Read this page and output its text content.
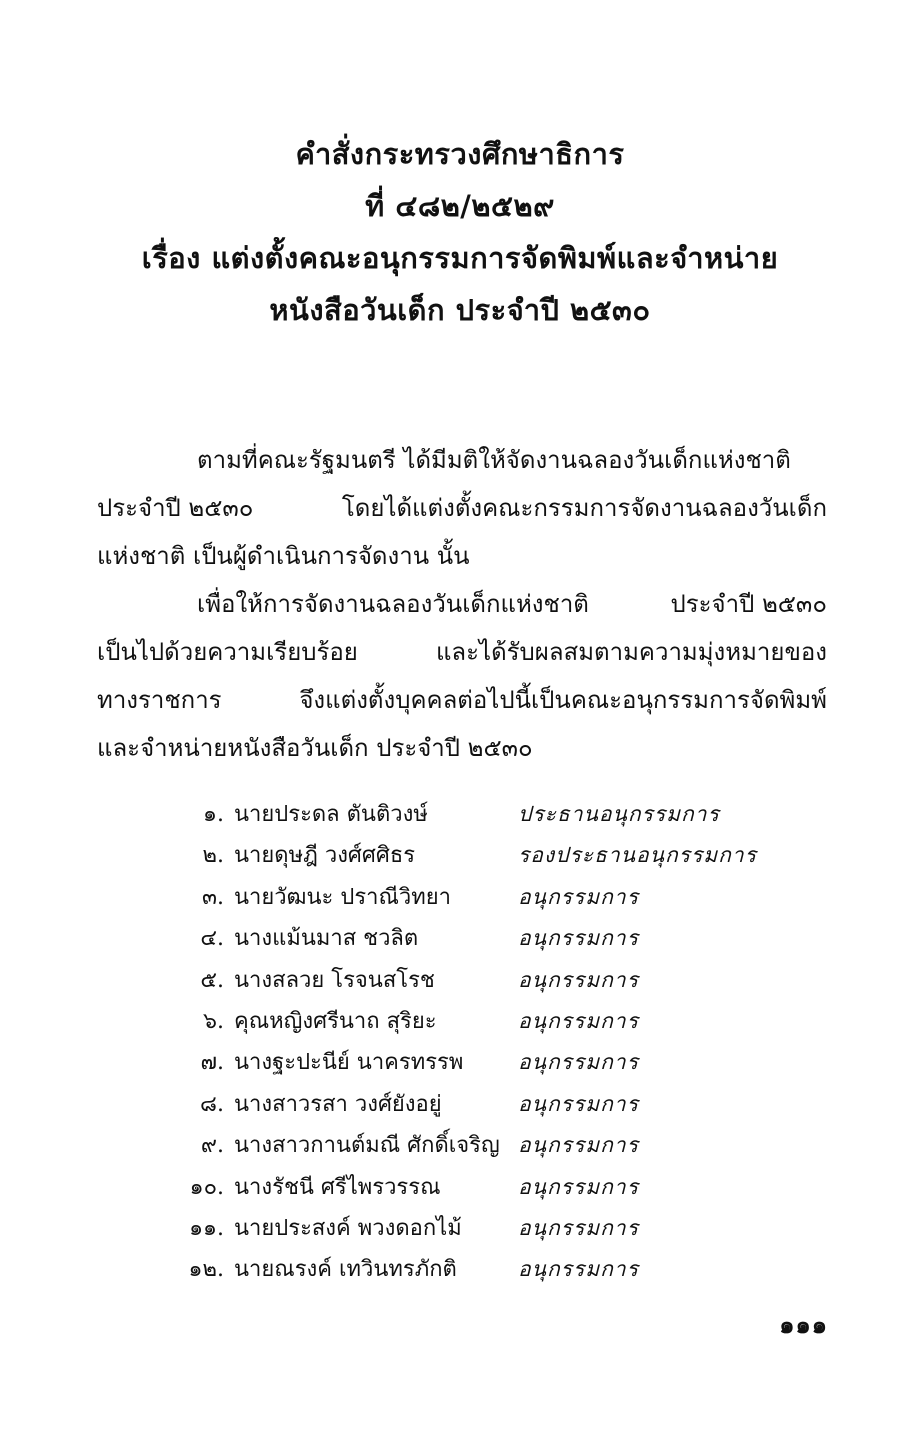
คำสั่งกระทรวงศึกษาธิการ
ที่ ๔๘๒/๒๕๒๙
เรื่อง แต่งตั้งคณะอนุกรรมการจัดพิมพ์และจำหน่าย
หนังสือวันเด็ก ประจำปี ๒๕๓๐
ตามที่คณะรัฐมนตรี ได้มีมติให้จัดงานฉลองวันเด็กแห่งชาติ
ประจำปี ๒๕๓๐	โดยได้แต่งตั้งคณะกรรมการจัดงานฉลองวันเด็ก
แห่งชาติ เป็นผู้ดำเนินการจัดงาน นั้น
เพื่อให้การจัดงานฉลองวันเด็กแห่งชาติ	ประจำปี ๒๕๓๐
เป็นไปด้วยความเรียบร้อย	และได้รับผลสมตามความมุ่งหมายของ
ทางราชการ	จึงแต่งตั้งบุคคลต่อไปนี้เป็นคณะอนุกรรมการจัดพิมพ์
และจำหน่ายหนังสือวันเด็ก ประจำปี ๒๕๓๐
๑. นายประดล ตันติวงษ์	ประธานอนุกรรมการ
๒. นายดุษฎี วงศ์ศศิธร	รองประธานอนุกรรมการ
๓. นายวัฒนะ ปราณีวิทยา	อนุกรรมการ
๔. นางแม้นมาส ชวลิต	อนุกรรมการ
๕. นางสลวย โรจนสโรช	อนุกรรมการ
๖. คุณหญิงศรีนาถ สุริยะ	อนุกรรมการ
๗. นางฐะปะนีย์ นาครทรรพ	อนุกรรมการ
๘. นางสาวรสา วงศ์ยังอยู่	อนุกรรมการ
๙. นางสาวกานต์มณี ศักดิ์เจริญ อนุกรรมการ
๑๐. นางรัชนี ศรีไพรวรรณ	อนุกรรมการ
๑๑. นายประสงค์ พวงดอกไม้	อนุกรรมการ
๑๒. นายณรงค์ เทวินทรภักติ	อนุกรรมการ
๑๑๑
